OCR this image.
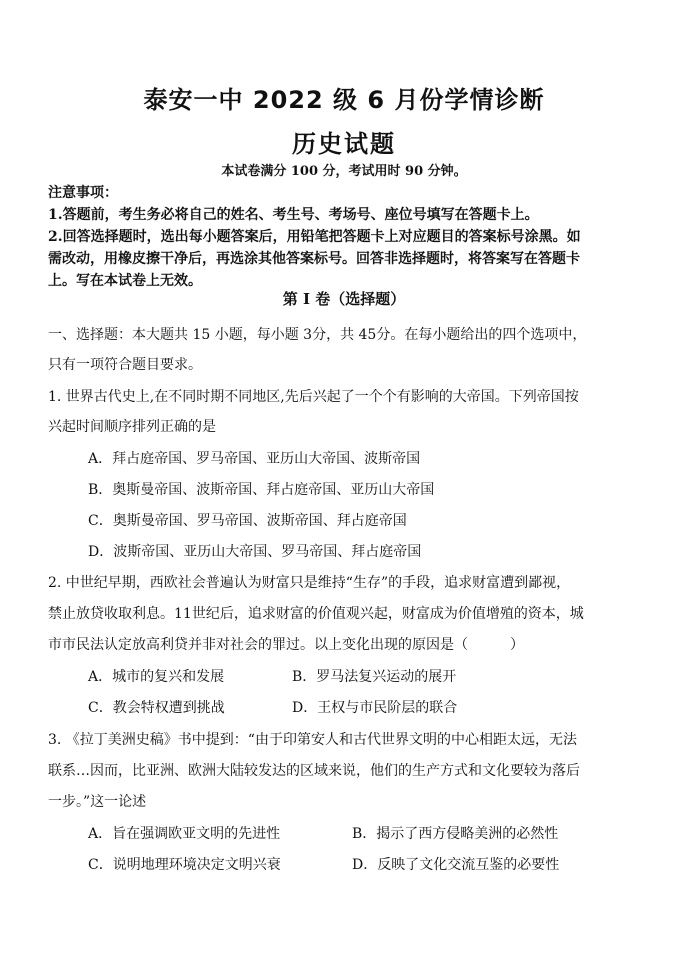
泰安一中 2022 级 6 月份学情诊断
历史试题
本试卷满分 100 分，考试用时 90 分钟。
注意事项：
1.答题前，考生务必将自己的姓名、考生号、考场号、座位号填写在答题卡上。
2.回答选择题时，选出每小题答案后，用铅笔把答题卡上对应题目的答案标号涂黑。如
需改动，用橡皮擦干净后，再选涂其他答案标号。回答非选择题时，将答案写在答题卡
上。写在本试卷上无效。
第 I 卷（选择题）
一、选择题：本大题共 15 小题，每小题 3分，共 45分。在每小题给出的四个选项中，
只有一项符合题目要求。
1. 世界古代史上,在不同时期不同地区,先后兴起了一个个有影响的大帝国。下列帝国按
兴起时间顺序排列正确的是
A．拜占庭帝国、罗马帝国、亚历山大帝国、波斯帝国
B．奥斯曼帝国、波斯帝国、拜占庭帝国、亚历山大帝国
C．奥斯曼帝国、罗马帝国、波斯帝国、拜占庭帝国
D．波斯帝国、亚历山大帝国、罗马帝国、拜占庭帝国
2. 中世纪早期，西欧社会普遍认为财富只是维持“生存”的手段，追求财富遭到鄙视，
禁止放贷收取利息。11世纪后，追求财富的价值观兴起，财富成为价值增殖的资本，城
市市民法认定放高利贷并非对社会的罪过。以上变化出现的原因是（　　　）
A．城市的复兴和发展	B．罗马法复兴运动的展开
C．教会特权遭到挑战	D．王权与市民阶层的联合
3. 《拉丁美洲史稿》书中提到：“由于印第安人和古代世界文明的中心相距太远，无法
联系…因而，比亚洲、欧洲大陆较发达的区域来说，他们的生产方式和文化要较为落后
一步。”这一论述
A．旨在强调欧亚文明的先进性	B．揭示了西方侵略美洲的必然性
C．说明地理环境决定文明兴衰	D．反映了文化交流互鉴的必要性
